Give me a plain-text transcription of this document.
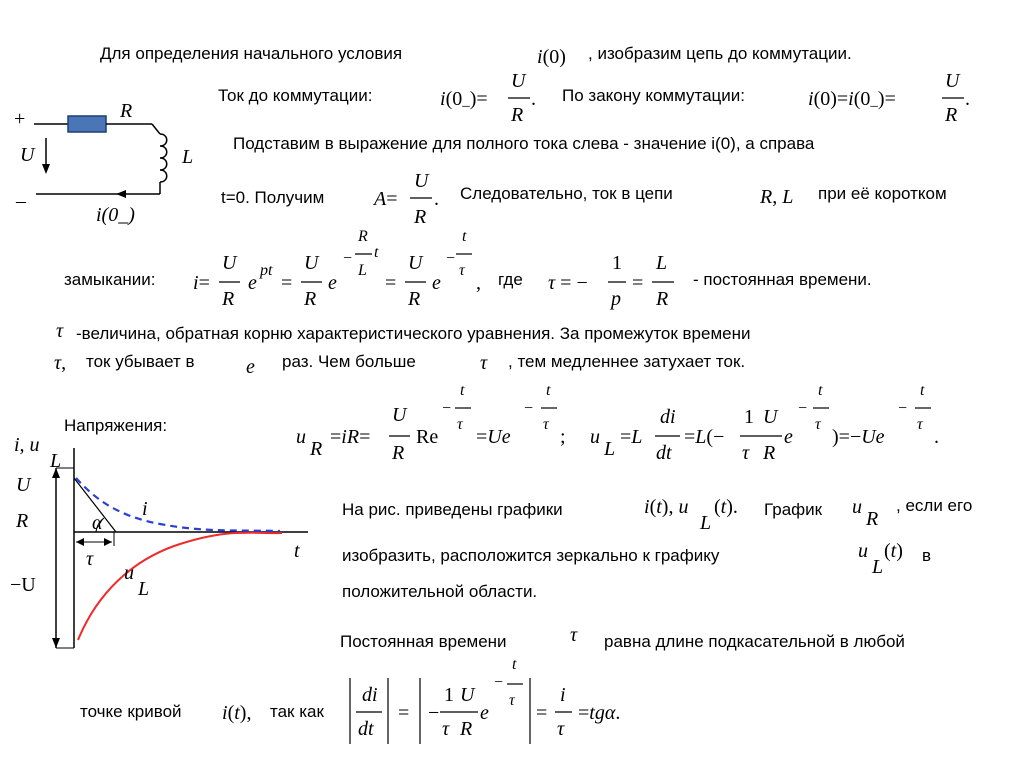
Для определения начального условия	i(0) , изобразим цепь до коммутации.
Ток до коммутации:	i(0_)=
U
R
. По закону коммутации:	i(0)=i(0_)=
U
R
.
Подставим в выражение для полного тока слева - значение i(0), а справа
t=0. Получим A=
U
R
. Следовательно, ток в цепи	R, L при её коротком
замыкании: i=
U
R
e
pt
=
U
R
e
−
R
L
t
=
U
R
e
−
t
τ
, где τ = −
1
p
=
L
R
- постоянная времени.
τ -величина, обратная корню характеристического уравнения. За промежуток времени
τ, ток убывает в	e раз. Чем больше	τ , тем медленнее затухает ток.
Напряжения:
u
R
=iR=
U
R
Re
−
t
τ
=Ue
−
t
τ
; u
L
=L
di
dt
=L(−
1
τ
U
R
e
−
t
τ
)=−Ue
−
t
τ
.
На рис. приведены графики	i(t), u
L
(t). График u
R
, если его
изобразить, расположится зеркально к графику	u
L
(t) в
положительной области.
Постоянная времени	τ равна длине подкасательной в любой
точке кривой i(t), так как
di
dt
= −
1
τ
U
R
e
−
t
τ
=
i
τ
=tgα.
+
U
–
R
L
i(0_)
i, u
L
U
R
−U
t
τ
α
i
u
L
